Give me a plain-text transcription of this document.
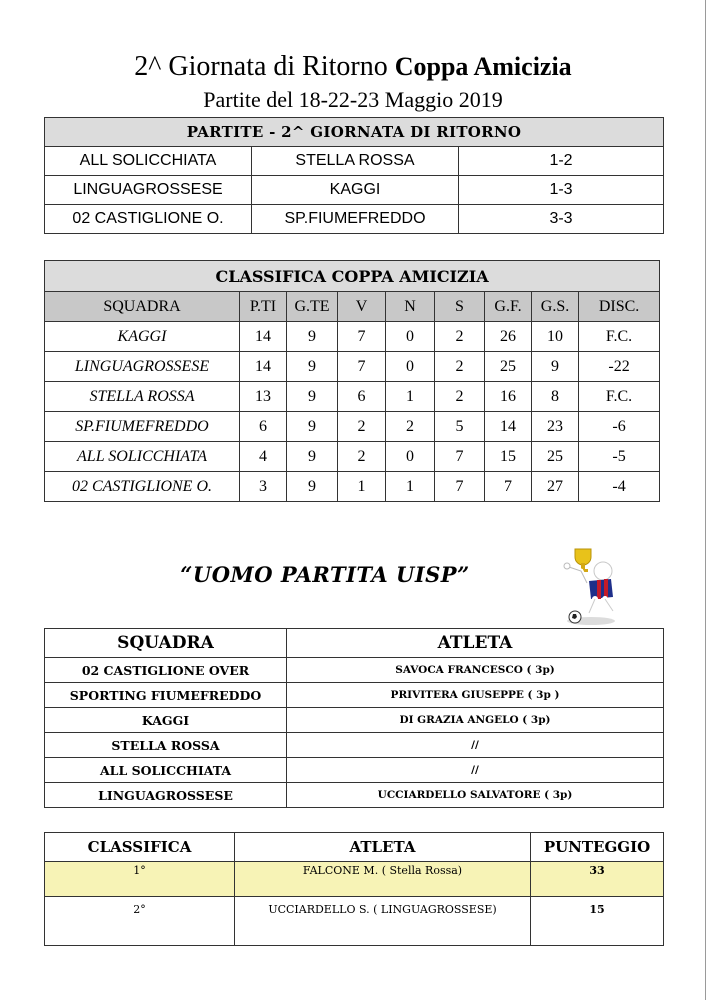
2^ Giornata di Ritorno Coppa Amicizia
Partite del 18-22-23 Maggio 2019
PARTITE - 2^ GIORNATA DI RITORNO		
ALL SOLICCHIATA	STELLA ROSSA	1-2
LINGUAGROSSESE	KAGGI	1-3
02 CASTIGLIONE O.	SP.FIUMEFREDDO	3-3
CLASSIFICA COPPA AMICIZIA								
SQUADRA	P.TI	G.TE	V	N	S	G.F.	G.S.	DISC.
KAGGI	14	9	7	0	2	26	10	F.C.
LINGUAGROSSESE	14	9	7	0	2	25	9	-22
STELLA ROSSA	13	9	6	1	2	16	8	F.C.
SP.FIUMEFREDDO	6	9	2	2	5	14	23	-6
ALL SOLICCHIATA	4	9	2	0	7	15	25	-5
02 CASTIGLIONE O.	3	9	1	1	7	7	27	-4
“UOMO PARTITA UISP”
SQUADRA	ATLETA
02 CASTIGLIONE OVER	SAVOCA FRANCESCO ( 3p)
SPORTING FIUMEFREDDO	PRIVITERA GIUSEPPE ( 3p )
KAGGI	DI GRAZIA ANGELO ( 3p)
STELLA ROSSA	//
ALL SOLICCHIATA	//
LINGUAGROSSESE	UCCIARDELLO SALVATORE ( 3p)
CLASSIFICA	ATLETA	PUNTEGGIO
1°	FALCONE M. ( Stella Rossa)	33
2°	UCCIARDELLO S. ( LINGUAGROSSESE)	15
